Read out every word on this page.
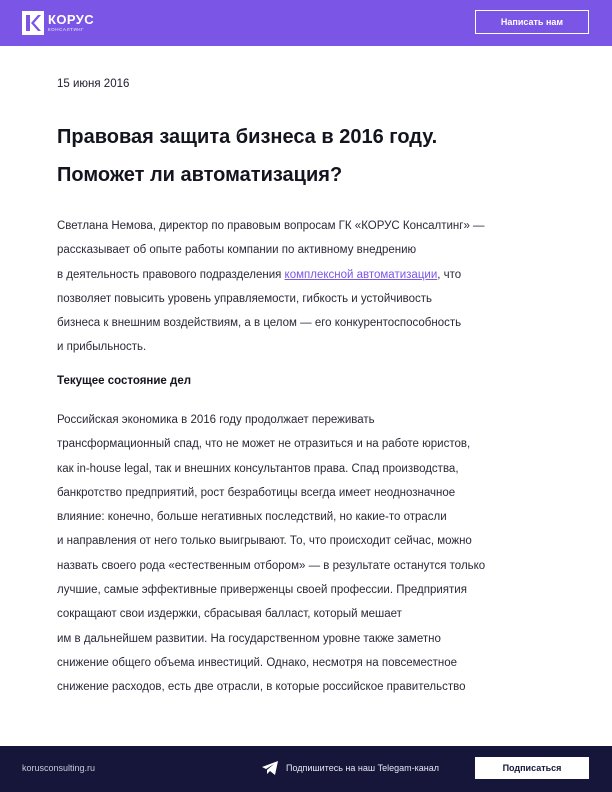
КОРУС
КОНСАЛТИНГ
Написать нам
15 июня 2016
Правовая защита бизнеса в 2016 году.
Поможет ли автоматизация?
Светлана Немова, директор по правовым вопросам ГК «КОРУС Консалтинг» —
рассказывает об опыте работы компании по активному внедрению
в деятельность правового подразделения комплексной автоматизации, что
позволяет повысить уровень управляемости, гибкость и устойчивость
бизнеса к внешним воздействиям, а в целом — его конкурентоспособность
и прибыльность.
Текущее состояние дел
Российская экономика в 2016 году продолжает переживать
трансформационный спад, что не может не отразиться и на работе юристов,
как in-house legal, так и внешних консультантов права. Спад производства,
банкротство предприятий, рост безработицы всегда имеет неоднозначное
влияние: конечно, больше негативных последствий, но какие-то отрасли
и направления от него только выигрывают. То, что происходит сейчас, можно
назвать своего рода «естественным отбором» — в результате останутся только
лучшие, самые эффективные приверженцы своей профессии. Предприятия
сокращают свои издержки, сбрасывая балласт, который мешает
им в дальнейшем развитии. На государственном уровне также заметно
снижение общего объема инвестиций. Однако, несмотря на повсеместное
снижение расходов, есть две отрасли, в которые российское правительство
korusconsulting.ru	Подпишитесь на наш Telegam-канал	Подписаться
